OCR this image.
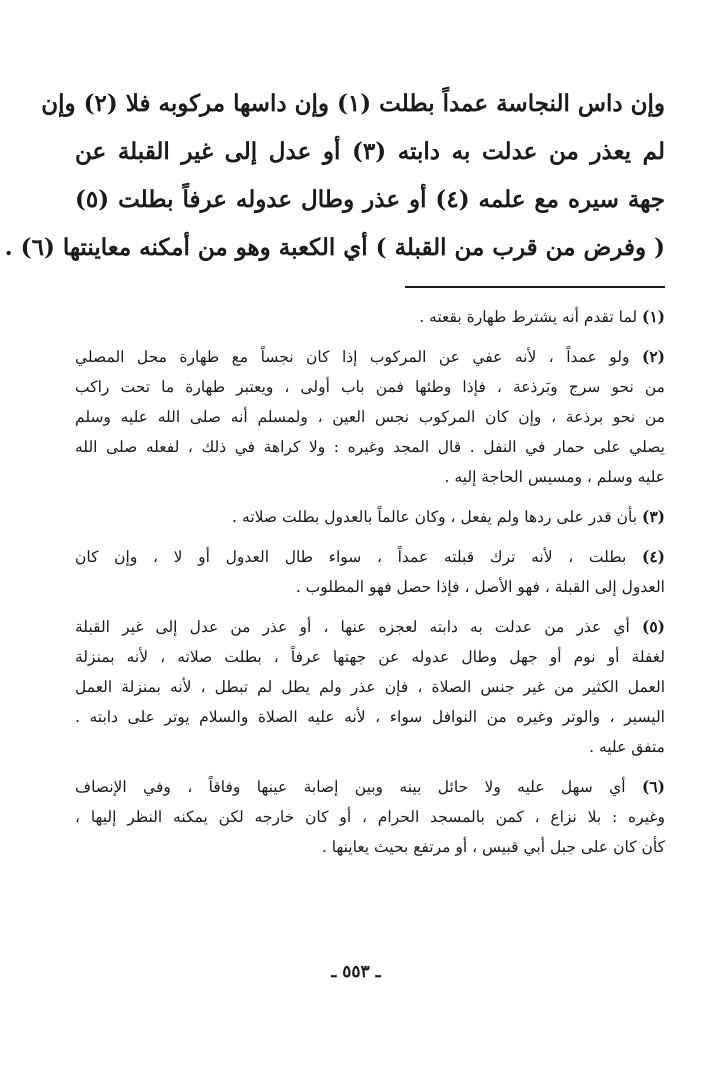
وإن داس النجاسة عمداً بطلت (١) وإن داسها مركوبه فلا (٢) وإن
لم يعذر من عدلت به دابته (٣) أو عدل إلى غير القبلة عن
جهة سيره مع علمه (٤) أو عذر وطال عدوله عرفاً بطلت (٥)
( وفرض من قرب من القبلة ) أي الكعبة وهو من أمكنه معاينتها (٦) .
(١) لما تقدم أنه يشترط طهارة بقعته .
(٢) ولو عمداً ، لأنه عفي عن المركوب إذا كان نجساً مع طهارة محل المصلي
من نحو سرج وبَرذعة ، فإذا وطئها فمن باب أولى ، ويعتبر طهارة ما تحت راكب
من نحو برذعة ، وإن كان المركوب نجس العين ، ولمسلم أنه صلى الله عليه وسلم
يصلي على حمار في النفل . قال المجد وغيره : ولا كراهة في ذلك ، لفعله صلى الله
عليه وسلم ، ومسيس الحاجة إليه .
(٣) بأن قدر على ردها ولم يفعل ، وكان عالماً بالعدول بطلت صلاته .
(٤) بطلت ، لأنه ترك قبلته عمداً ، سواء طال العدول أو لا ، وإن كان
العدول إلى القبلة ، فهو الأصل ، فإذا حصل فهو المطلوب .
(٥) أي عذر من عدلت به دابته لعجزه عنها ، أو عذر من عدل إلى غير القبلة
لغفلة أو نوم أو جهل وطال عدوله عن جهتها عرفاً ، بطلت صلاته ، لأنه بمنزلة
العمل الكثير من غير جنس الصلاة ، فإن عذر ولم يطل لم تبطل ، لأنه بمنزلة العمل
اليسير ، والوتر وغيره من النوافل سواء ، لأنه عليه الصلاة والسلام يوتر على دابته .
متفق عليه .
(٦) أي سهل عليه ولا حائل بينه وبين إصابة عينها وفاقاً ، وفي الإنصاف
وغيره : بلا نزاع ، كمن بالمسجد الحرام ، أو كان خارجه لكن يمكنه النظر إليها ،
كأن كان على جبل أبي قبيس ، أو مرتفع بحيث يعاينها .
ـ ٥٥٣ ـ
